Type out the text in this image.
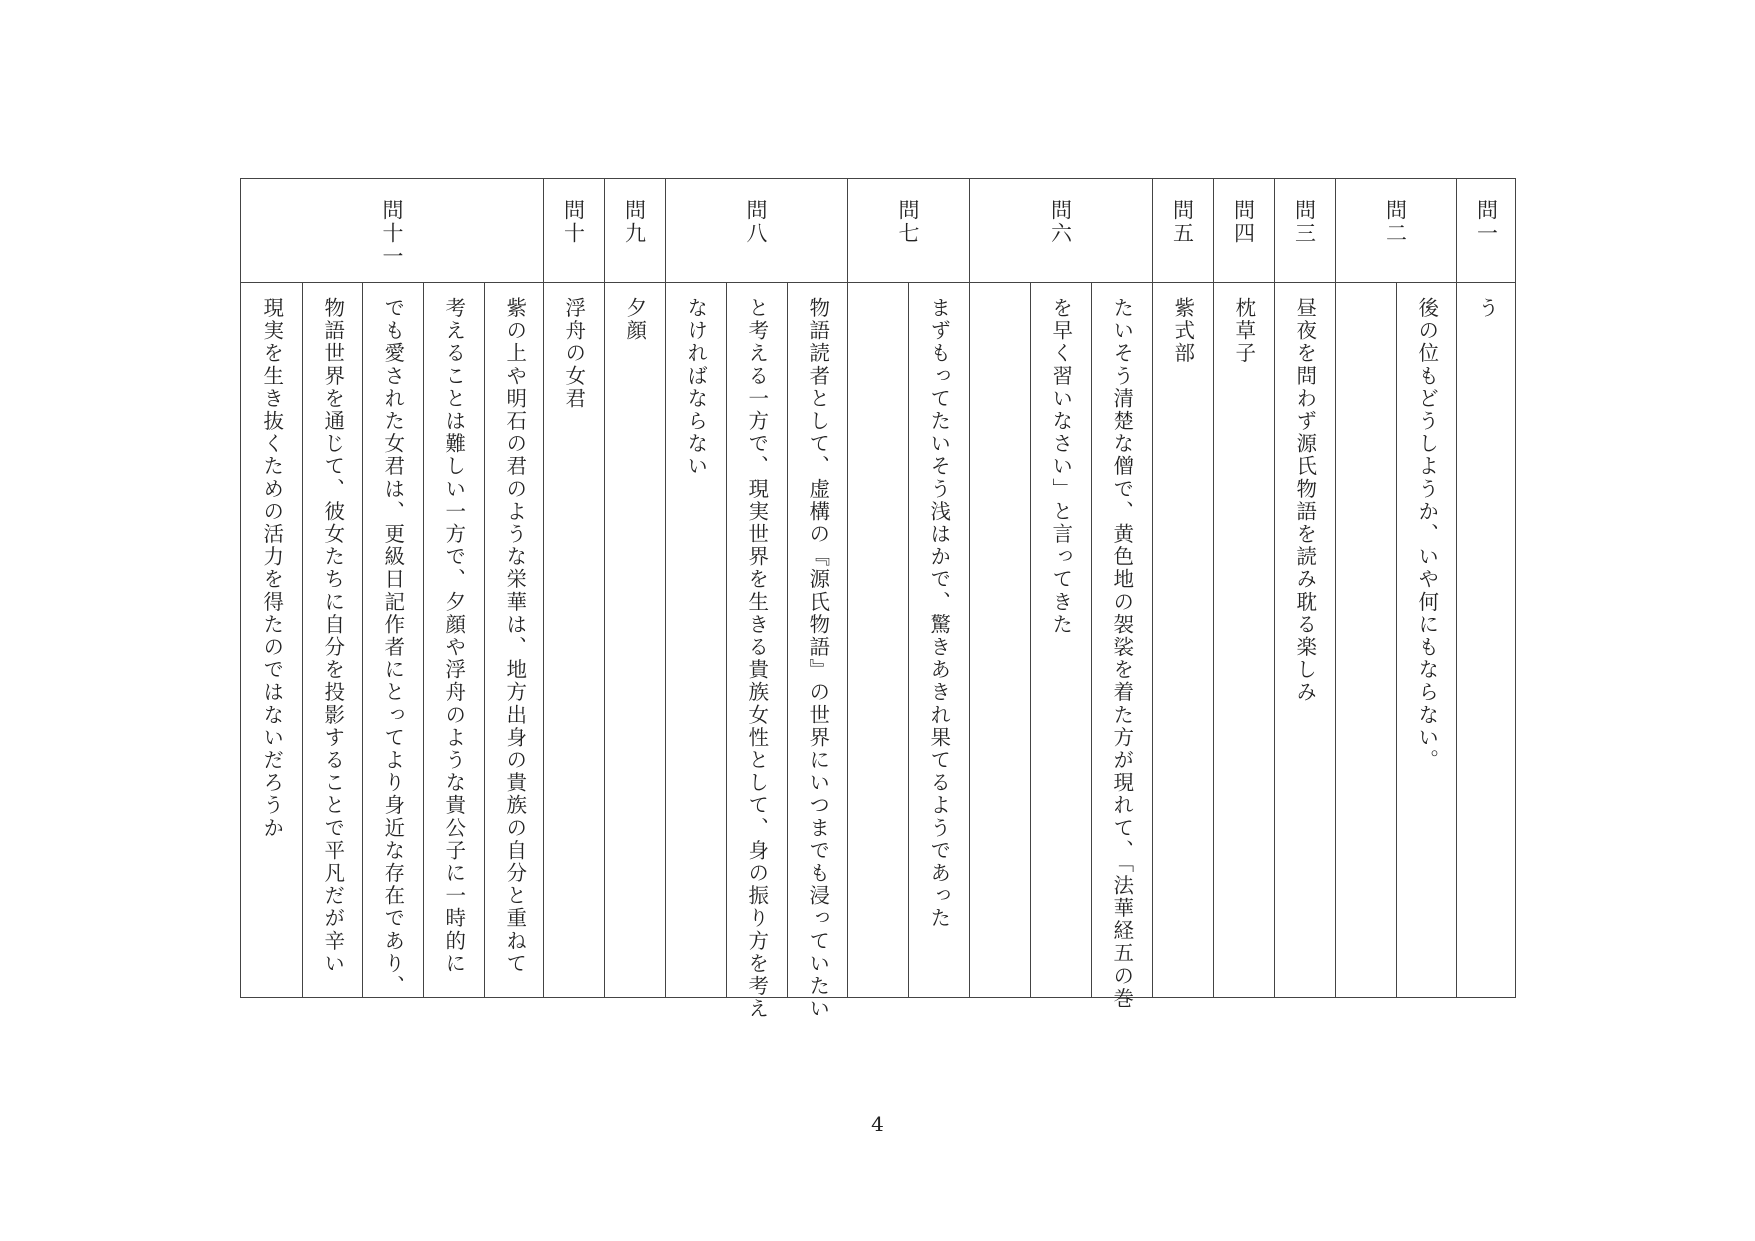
問一
問二
問三
問四
問五
問六
問七
問八
問九
問十
問十一
う
後の位もどうしようか、いや何にもならない。
昼夜を問わず源氏物語を読み耽る楽しみ
枕草子
紫式部
たいそう清楚な僧で、黄色地の袈裟を着た方が現れて、「法華経五の巻
を早く習いなさい」と言ってきた
まずもってたいそう浅はかで、驚きあきれ果てるようであった
物語読者として、虚構の『源氏物語』の世界にいつまでも浸っていたい
と考える一方で、現実世界を生きる貴族女性として、身の振り方を考え
なければならない
夕顔
浮舟の女君
紫の上や明石の君のような栄華は、地方出身の貴族の自分と重ねて
考えることは難しい一方で、夕顔や浮舟のような貴公子に一時的に
でも愛された女君は、更級日記作者にとってより身近な存在であり、
物語世界を通じて、彼女たちに自分を投影することで平凡だが辛い
現実を生き抜くための活力を得たのではないだろうか
4
